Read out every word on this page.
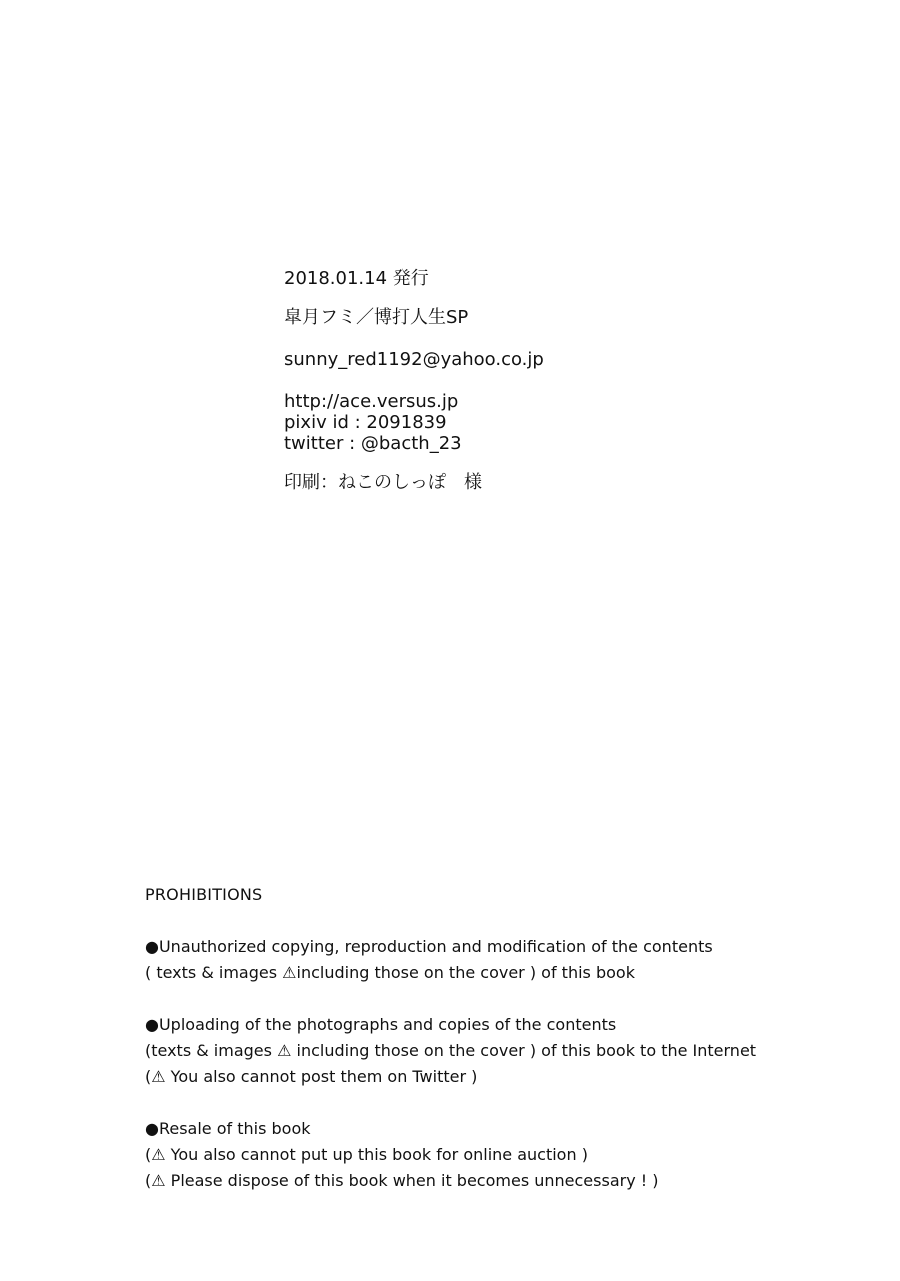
2018.01.14 発行
皐月フミ／博打人生SP
sunny_red1192@yahoo.co.jp
http://ace.versus.jp
pixiv id : 2091839
twitter : @bacth_23
印刷：ねこのしっぽ　様
PROHIBITIONS
●Unauthorized copying, reproduction and modification of the contents
( texts & images ⚠including those on the cover ) of this book
●Uploading of the photographs and copies of the contents
(texts & images ⚠ including those on the cover ) of this book to the Internet
(⚠ You also cannot post them on Twitter )
●Resale of this book
(⚠ You also cannot put up this book for online auction )
(⚠ Please dispose of this book when it becomes unnecessary ! )
